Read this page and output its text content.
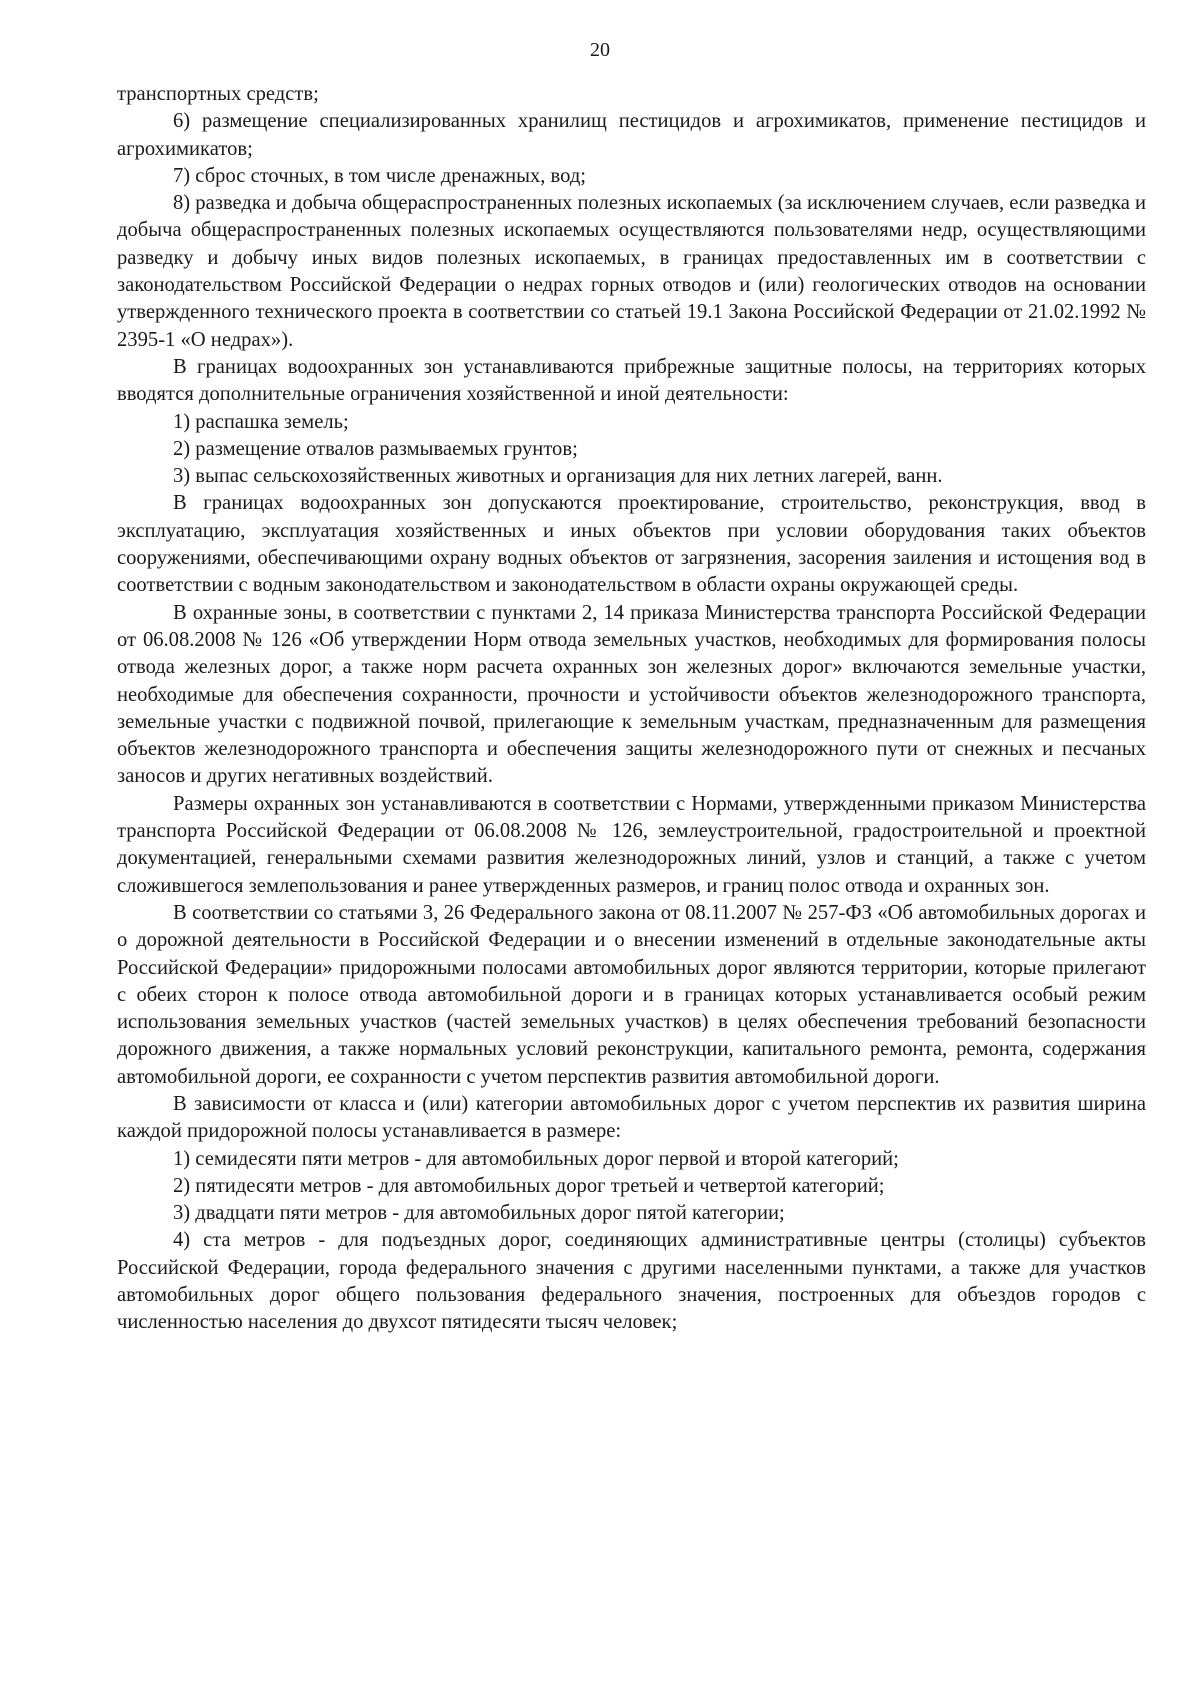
20

транспортных средств;

6) размещение специализированных хранилищ пестицидов и агрохимикатов, применение пестицидов и агрохимикатов;

7) сброс сточных, в том числе дренажных, вод;

8) разведка и добыча общераспространенных полезных ископаемых (за исключением случаев, если разведка и добыча общераспространенных полезных ископаемых осуществляются пользователями недр, осуществляющими разведку и добычу иных видов полезных ископаемых, в границах предоставленных им в соответствии с законодательством Российской Федерации о недрах горных отводов и (или) геологических отводов на основании утвержденного технического проекта в соответствии со статьей 19.1 Закона Российской Федерации от 21.02.1992 № 2395-1 «О недрах»).

В границах водоохранных зон устанавливаются прибрежные защитные полосы, на территориях которых вводятся дополнительные ограничения хозяйственной и иной деятельности:

1) распашка земель;

2) размещение отвалов размываемых грунтов;

3) выпас сельскохозяйственных животных и организация для них летних лагерей, ванн.

В границах водоохранных зон допускаются проектирование, строительство, реконструкция, ввод в эксплуатацию, эксплуатация хозяйственных и иных объектов при условии оборудования таких объектов сооружениями, обеспечивающими охрану водных объектов от загрязнения, засорения заиления и истощения вод в соответствии с водным законодательством и законодательством в области охраны окружающей среды.

В охранные зоны, в соответствии с пунктами 2, 14 приказа Министерства транспорта Российской Федерации от 06.08.2008 № 126 «Об утверждении Норм отвода земельных участков, необходимых для формирования полосы отвода железных дорог, а также норм расчета охранных зон железных дорог» включаются земельные участки, необходимые для обеспечения сохранности, прочности и устойчивости объектов железнодорожного транспорта, земельные участки с подвижной почвой, прилегающие к земельным участкам, предназначенным для размещения объектов железнодорожного транспорта и обеспечения защиты железнодорожного пути от снежных и песчаных заносов и других негативных воздействий.

Размеры охранных зон устанавливаются в соответствии с Нормами, утвержденными приказом Министерства транспорта Российской Федерации от 06.08.2008 № 126, землеустроительной, градостроительной и проектной документацией, генеральными схемами развития железнодорожных линий, узлов и станций, а также с учетом сложившегося землепользования и ранее утвержденных размеров, и границ полос отвода и охранных зон.

В соответствии со статьями 3, 26 Федерального закона от 08.11.2007 № 257-ФЗ «Об автомобильных дорогах и о дорожной деятельности в Российской Федерации и о внесении изменений в отдельные законодательные акты Российской Федерации» придорожными полосами автомобильных дорог являются территории, которые прилегают с обеих сторон к полосе отвода автомобильной дороги и в границах которых устанавливается особый режим использования земельных участков (частей земельных участков) в целях обеспечения требований безопасности дорожного движения, а также нормальных условий реконструкции, капитального ремонта, ремонта, содержания автомобильной дороги, ее сохранности с учетом перспектив развития автомобильной дороги.

В зависимости от класса и (или) категории автомобильных дорог с учетом перспектив их развития ширина каждой придорожной полосы устанавливается в размере:

1) семидесяти пяти метров - для автомобильных дорог первой и второй категорий;

2) пятидесяти метров - для автомобильных дорог третьей и четвертой категорий;

3) двадцати пяти метров - для автомобильных дорог пятой категории;

4) ста метров - для подъездных дорог, соединяющих административные центры (столицы) субъектов Российской Федерации, города федерального значения с другими населенными пунктами, а также для участков автомобильных дорог общего пользования федерального значения, построенных для объездов городов с численностью населения до двухсот пятидесяти тысяч человек;
